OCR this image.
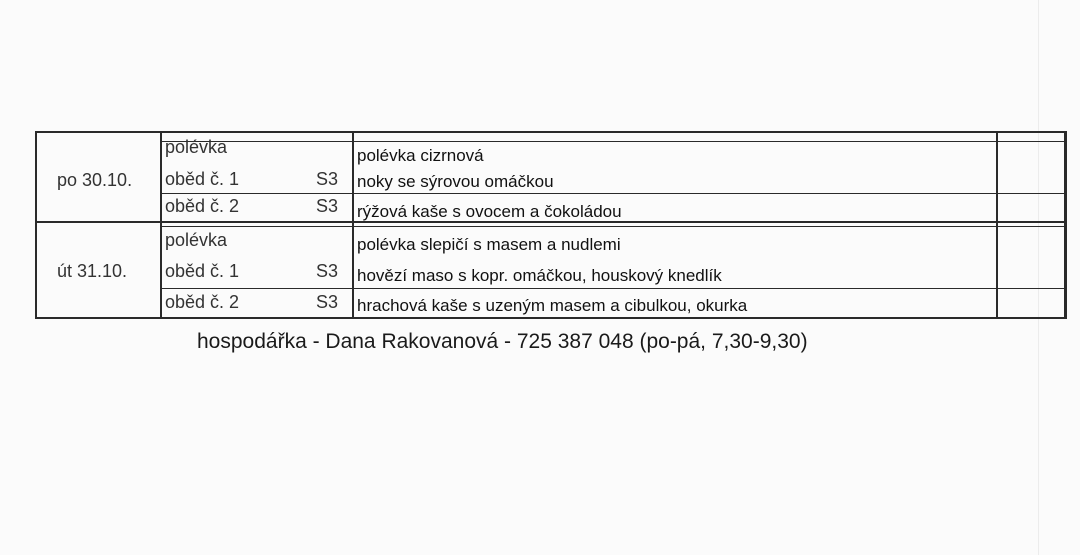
po 30.10.
polévka	polévka cizrnová
oběd č. 1	S3 noky se sýrovou omáčkou
oběd č. 2	S3 rýžová kaše s ovocem a čokoládou
út 31.10.
polévka	polévka slepičí s masem a nudlemi
oběd č. 1	S3 hovězí maso s kopr. omáčkou, houskový knedlík
oběd č. 2	S3 hrachová kaše s uzeným masem a cibulkou, okurka
hospodářka - Dana Rakovanová - 725 387 048 (po-pá, 7,30-9,30)
